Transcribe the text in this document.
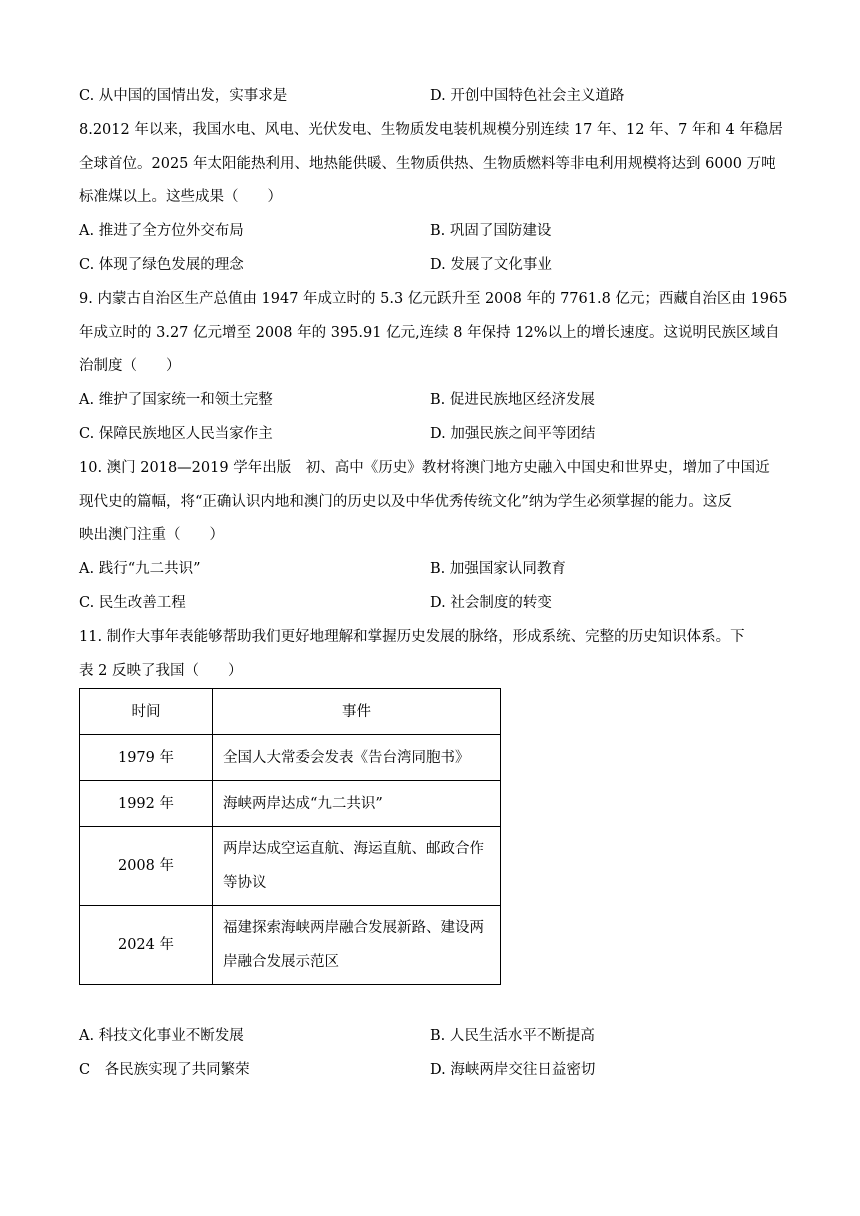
C. 从中国的国情出发，实事求是	D. 开创中国特色社会主义道路
8.2012 年以来，我国水电、风电、光伏发电、生物质发电装机规模分别连续 17 年、12 年、7 年和 4 年稳居
全球首位。2025 年太阳能热利用、地热能供暖、生物质供热、生物质燃料等非电利用规模将达到 6000 万吨
标准煤以上。这些成果（　　）
A. 推进了全方位外交布局	B. 巩固了国防建设
C. 体现了绿色发展的理念	D. 发展了文化事业
9. 内蒙古自治区生产总值由 1947 年成立时的 5.3 亿元跃升至 2008 年的 7761.8 亿元；西藏自治区由 1965
年成立时的 3.27 亿元增至 2008 年的 395.91 亿元,连续 8 年保持 12%以上的增长速度。这说明民族区域自
治制度（　　）
A. 维护了国家统一和领土完整	B. 促进民族地区经济发展
C. 保障民族地区人民当家作主	D. 加强民族之间平等团结
10. 澳门 2018—2019 学年出版　初、高中《历史》教材将澳门地方史融入中国史和世界史，增加了中国近
现代史的篇幅，将“正确认识内地和澳门的历史以及中华优秀传统文化”纳为学生必须掌握的能力。这反
映出澳门注重（　　）
A. 践行“九二共识”	B. 加强国家认同教育
C. 民生改善工程	D. 社会制度的转变
11. 制作大事年表能够帮助我们更好地理解和掌握历史发展的脉络，形成系统、完整的历史知识体系。下
表 2 反映了我国（　　）
时间	事件
1979 年	全国人大常委会发表《告台湾同胞书》

1992 年	海峡两岸达成“九二共识”

2008 年	两岸达成空运直航、海运直航、邮政合作
等协议

2024 年	福建探索海峡两岸融合发展新路、建设两
岸融合发展示范区
A. 科技文化事业不断发展	B. 人民生活水平不断提高
C　各民族实现了共同繁荣	D. 海峡两岸交往日益密切
